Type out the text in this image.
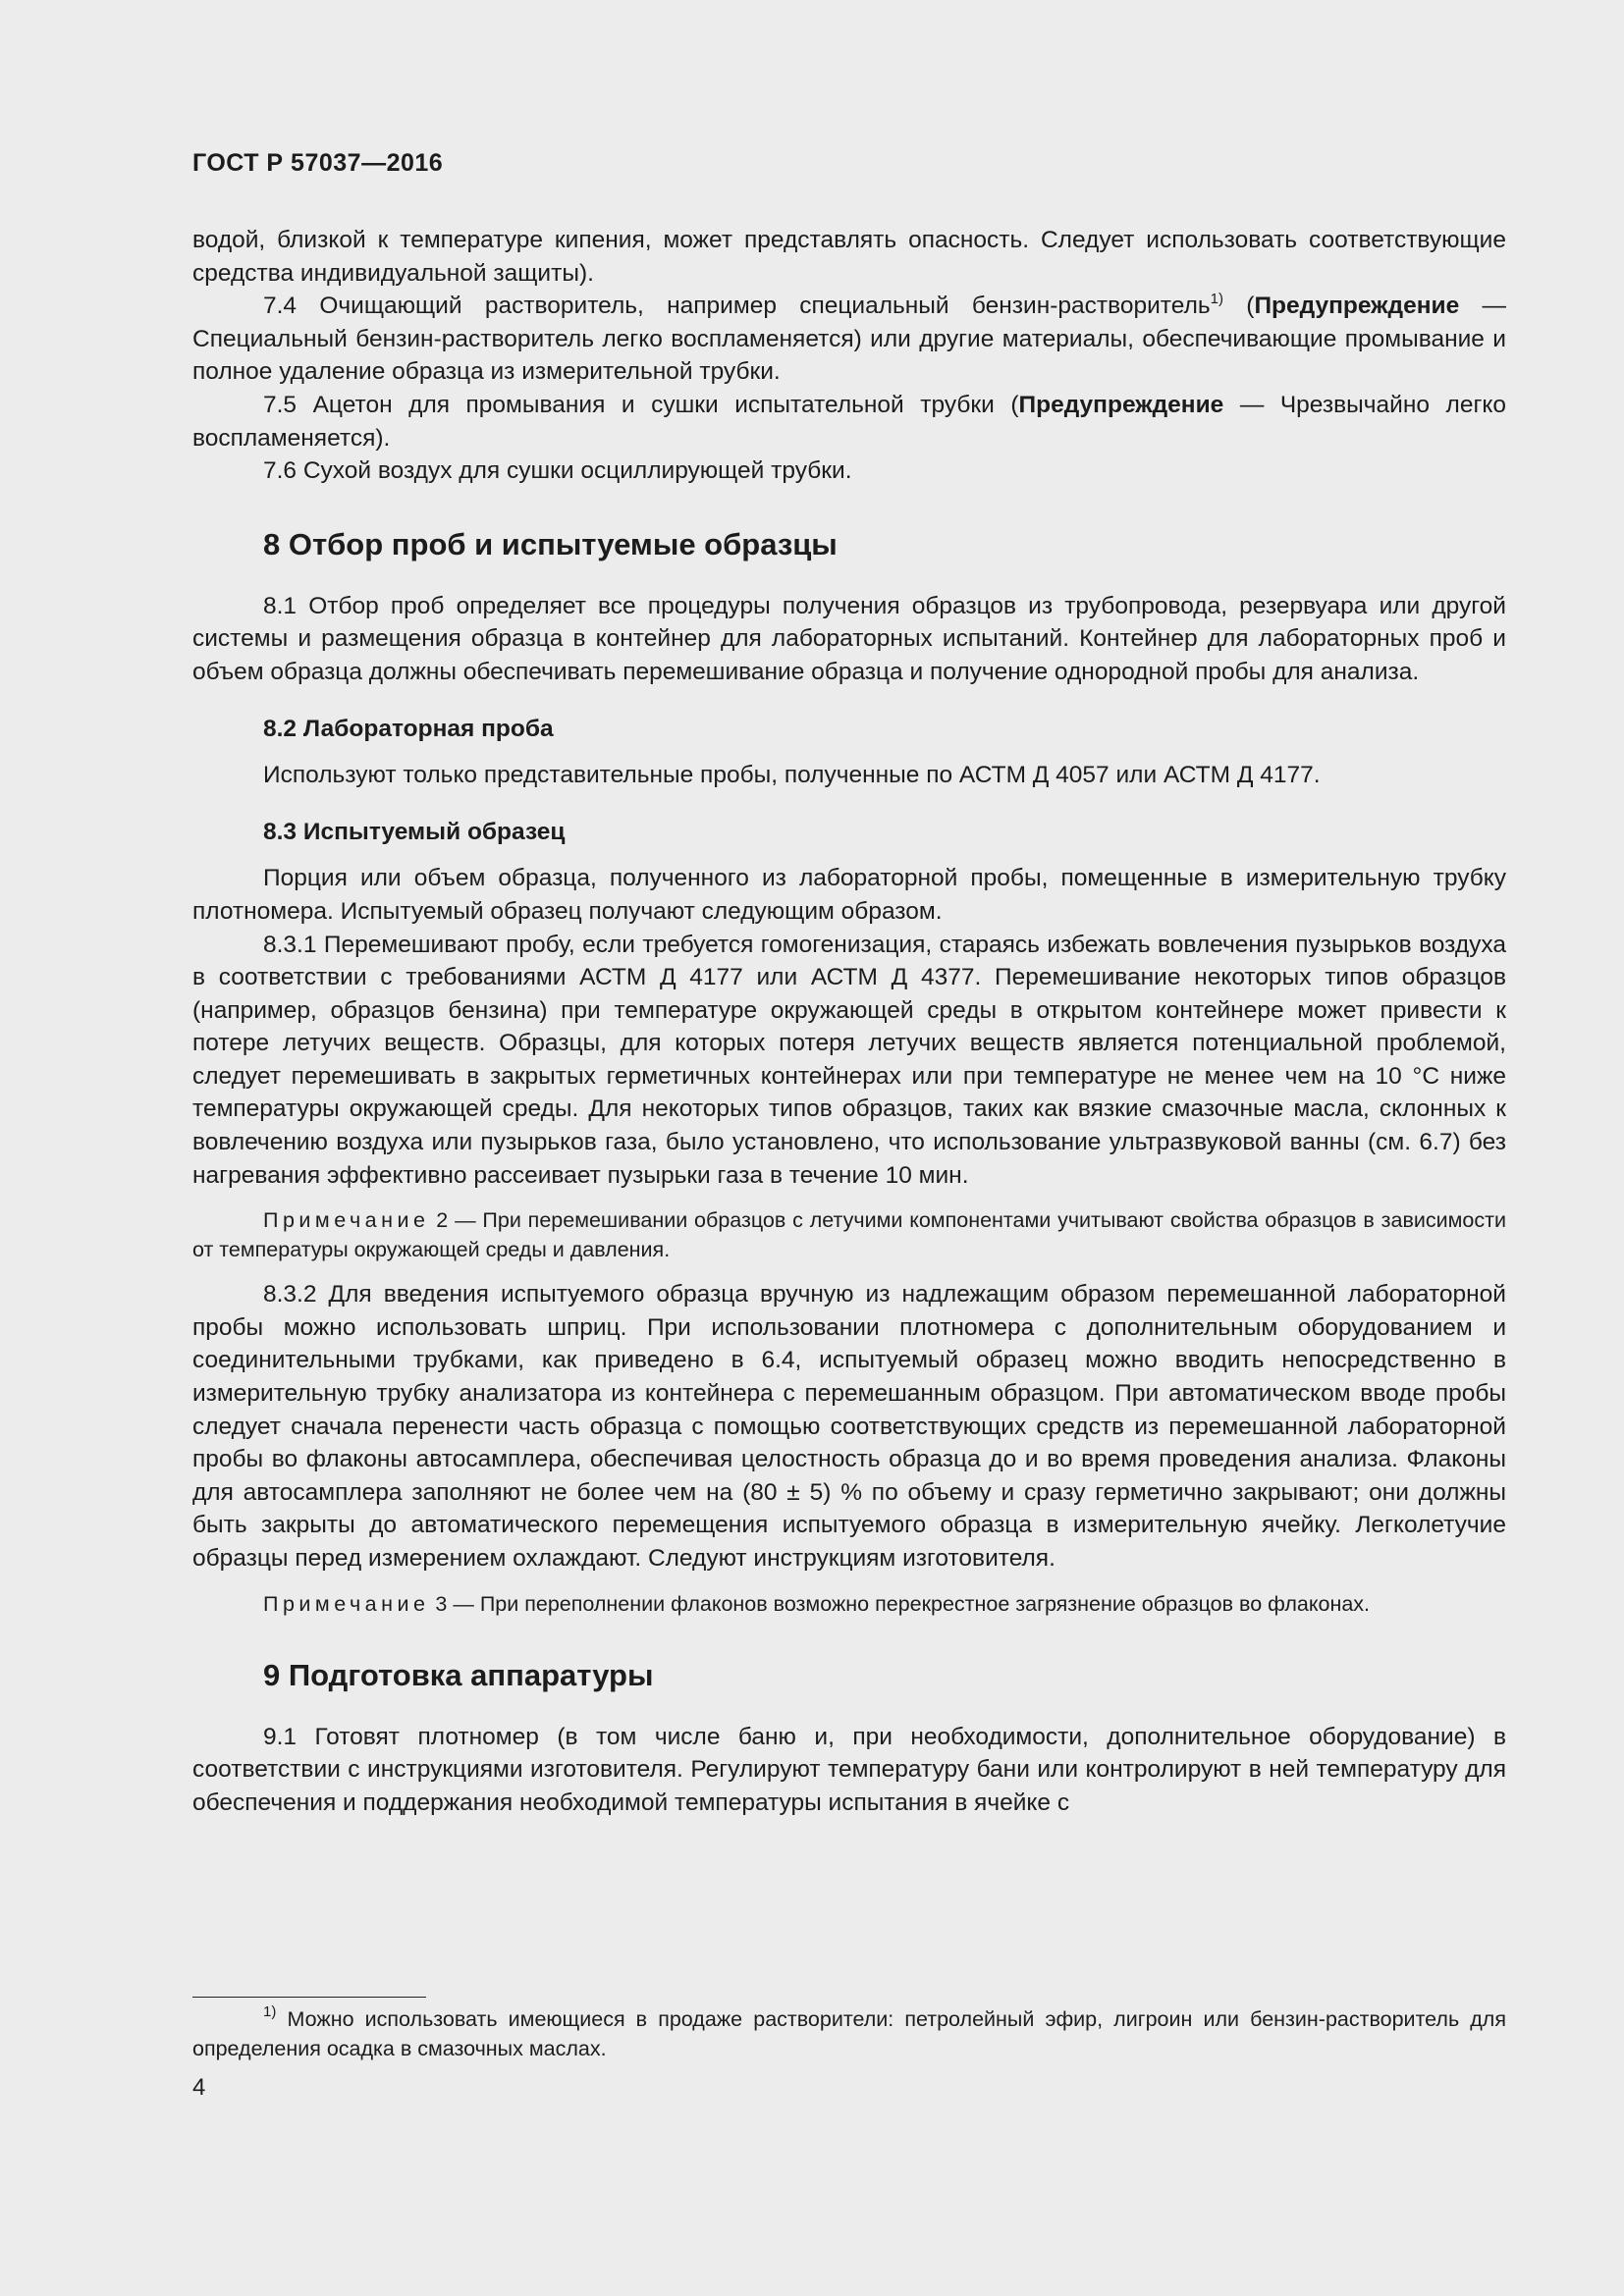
ГОСТ Р 57037—2016

водой, близкой к температуре кипения, может представлять опасность. Следует использовать соответствующие средства индивидуальной защиты).

7.4 Очищающий растворитель, например специальный бензин-растворитель$^{1)}$ (Предупреждение — Специальный бензин-растворитель легко воспламеняется) или другие материалы, обеспечивающие промывание и полное удаление образца из измерительной трубки.

7.5 Ацетон для промывания и сушки испытательной трубки (Предупреждение — Чрезвычайно легко воспламеняется).

7.6 Сухой воздух для сушки осциллирующей трубки.

8 Отбор проб и испытуемые образцы

8.1 Отбор проб определяет все процедуры получения образцов из трубопровода, резервуара или другой системы и размещения образца в контейнер для лабораторных испытаний. Контейнер для лабораторных проб и объем образца должны обеспечивать перемешивание образца и получение однородной пробы для анализа.

8.2 Лабораторная проба

Используют только представительные пробы, полученные по АСТМ Д 4057 или АСТМ Д 4177.

8.3 Испытуемый образец

Порция или объем образца, полученного из лабораторной пробы, помещенные в измерительную трубку плотномера. Испытуемый образец получают следующим образом.

8.3.1 Перемешивают пробу, если требуется гомогенизация, стараясь избежать вовлечения пузырьков воздуха в соответствии с требованиями АСТМ Д 4177 или АСТМ Д 4377. Перемешивание некоторых типов образцов (например, образцов бензина) при температуре окружающей среды в открытом контейнере может привести к потере летучих веществ. Образцы, для которых потеря летучих веществ является потенциальной проблемой, следует перемешивать в закрытых герметичных контейнерах или при температуре не менее чем на 10 °С ниже температуры окружающей среды. Для некоторых типов образцов, таких как вязкие смазочные масла, склонных к вовлечению воздуха или пузырьков газа, было установлено, что использование ультразвуковой ванны (см. 6.7) без нагревания эффективно рассеивает пузырьки газа в течение 10 мин.

Примечание 2 — При перемешивании образцов с летучими компонентами учитывают свойства образцов в зависимости от температуры окружающей среды и давления.

8.3.2 Для введения испытуемого образца вручную из надлежащим образом перемешанной лабораторной пробы можно использовать шприц. При использовании плотномера с дополнительным оборудованием и соединительными трубками, как приведено в 6.4, испытуемый образец можно вводить непосредственно в измерительную трубку анализатора из контейнера с перемешанным образцом. При автоматическом вводе пробы следует сначала перенести часть образца с помощью соответствующих средств из перемешанной лабораторной пробы во флаконы автосамплера, обеспечивая целостность образца до и во время проведения анализа. Флаконы для автосамплера заполняют не более чем на (80 ± 5) % по объему и сразу герметично закрывают; они должны быть закрыты до автоматического перемещения испытуемого образца в измерительную ячейку. Легколетучие образцы перед измерением охлаждают. Следуют инструкциям изготовителя.

Примечание 3 — При переполнении флаконов возможно перекрестное загрязнение образцов во флаконах.

9 Подготовка аппаратуры

9.1 Готовят плотномер (в том числе баню и, при необходимости, дополнительное оборудование) в соответствии с инструкциями изготовителя. Регулируют температуру бани или контролируют в ней температуру для обеспечения и поддержания необходимой температуры испытания в ячейке с

$^{1)}$ Можно использовать имеющиеся в продаже растворители: петролейный эфир, лигроин или бензин-растворитель для определения осадка в смазочных маслах.

4
